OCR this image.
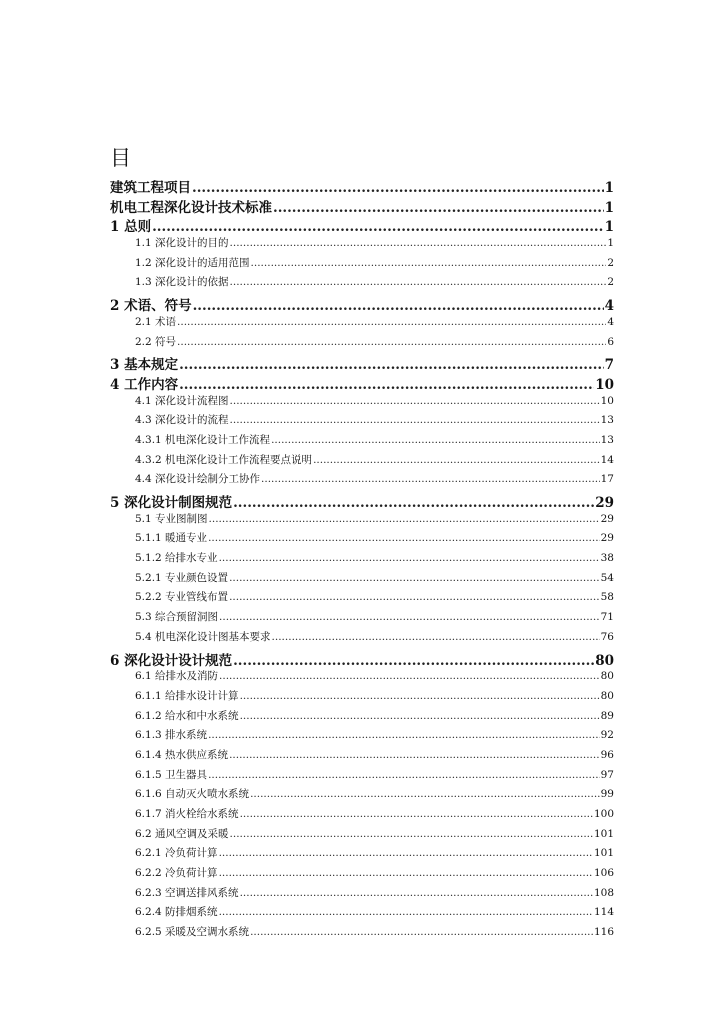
目
建筑工程项目 .....	1
机电工程深化设计技术标准 .....	1
1 总则 .....	1
1.1 深化设计的目的 .....	1
1.2 深化设计的适用范围 .....	2
1.3 深化设计的依据 .....	2
2 术语、符号 .....	4
2.1 术语 .....	4
2.2 符号 .....	6
3 基本规定 .....	7
4 工作内容 .....	10
4.1 深化设计流程图 .....	10
4.3 深化设计的流程 .....	13
4.3.1 机电深化设计工作流程 .....	13
4.3.2 机电深化设计工作流程要点说明 .....	14
4.4 深化设计绘制分工协作 .....	17
5 深化设计制图规范 .....	29
5.1 专业图制图 .....	29
5.1.1 暖通专业 .....	29
5.1.2 给排水专业 .....	38
5.2.1 专业颜色设置 .....	54
5.2.2 专业管线布置 .....	58
5.3 综合预留洞图 .....	71
5.4 机电深化设计图基本要求 .....	76
6 深化设计设计规范 .....	80
6.1 给排水及消防 .....	80
6.1.1 给排水设计计算 .....	80
6.1.2 给水和中水系统 .....	89
6.1.3 排水系统 .....	92
6.1.4 热水供应系统 .....	96
6.1.5 卫生器具 .....	97
6.1.6 自动灭火喷水系统 .....	99
6.1.7 消火栓给水系统 .....	100
6.2 通风空调及采暖 .....	101
6.2.1 冷负荷计算 .....	101
6.2.2 冷负荷计算 .....	106
6.2.3 空调送排风系统 .....	108
6.2.4 防排烟系统 .....	114
6.2.5 采暖及空调水系统 .....	116
